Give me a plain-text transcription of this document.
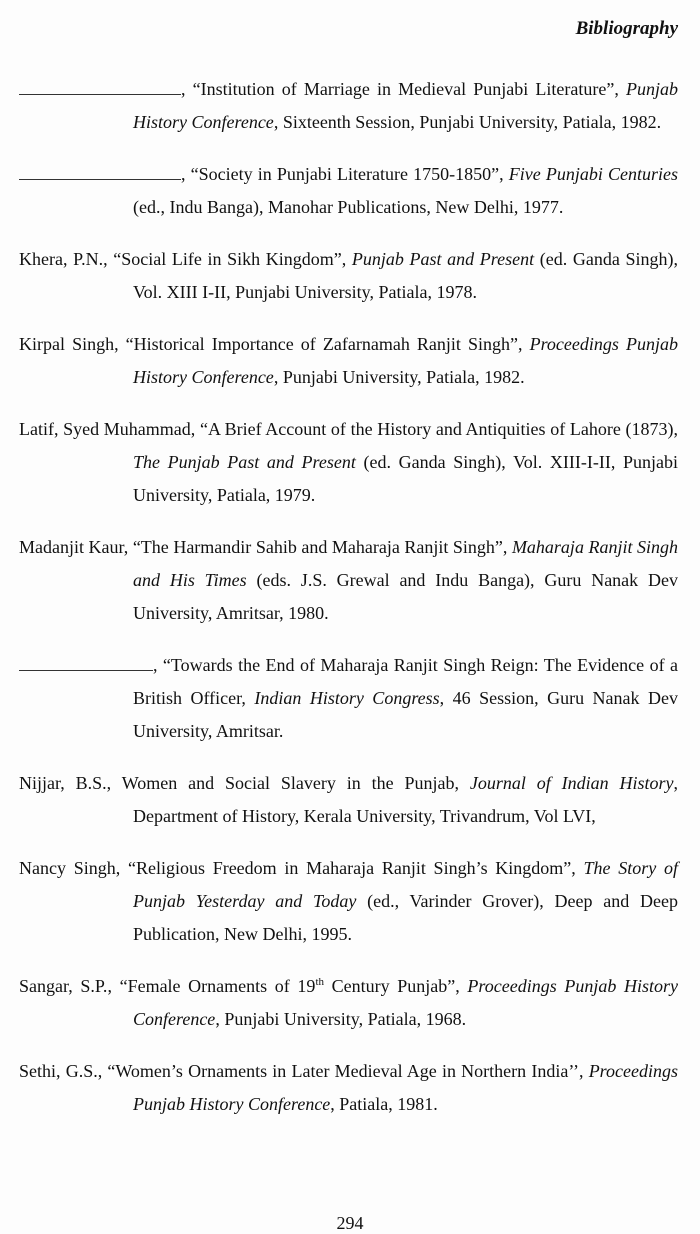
Bibliography

, “Institution of Marriage in Medieval Punjabi Literature”, Punjab History Conference, Sixteenth Session, Punjabi University, Patiala, 1982.

, “Society in Punjabi Literature 1750-1850”, Five Punjabi Centuries (ed., Indu Banga), Manohar Publications, New Delhi, 1977.

Khera, P.N., “Social Life in Sikh Kingdom”, Punjab Past and Present (ed. Ganda Singh), Vol. XIII I-II, Punjabi University, Patiala, 1978.

Kirpal Singh, “Historical Importance of Zafarnamah Ranjit Singh”, Proceedings Punjab History Conference, Punjabi University, Patiala, 1982.

Latif, Syed Muhammad, “A Brief Account of the History and Antiquities of Lahore (1873), The Punjab Past and Present (ed. Ganda Singh), Vol. XIII-I-II, Punjabi University, Patiala, 1979.

Madanjit Kaur, “The Harmandir Sahib and Maharaja Ranjit Singh”, Maharaja Ranjit Singh and His Times (eds. J.S. Grewal and Indu Banga), Guru Nanak Dev University, Amritsar, 1980.

, “Towards the End of Maharaja Ranjit Singh Reign: The Evidence of a British Officer, Indian History Congress, 46 Session, Guru Nanak Dev University, Amritsar.

Nijjar, B.S., Women and Social Slavery in the Punjab, Journal of Indian History, Department of History, Kerala University, Trivandrum, Vol LVI,

Nancy Singh, “Religious Freedom in Maharaja Ranjit Singh’s Kingdom”, The Story of Punjab Yesterday and Today (ed., Varinder Grover), Deep and Deep Publication, New Delhi, 1995.

Sangar, S.P., “Female Ornaments of 19th Century Punjab”, Proceedings Punjab History Conference, Punjabi University, Patiala, 1968.

Sethi, G.S., “Women’s Ornaments in Later Medieval Age in Northern India’’, Proceedings Punjab History Conference, Patiala, 1981.

294
